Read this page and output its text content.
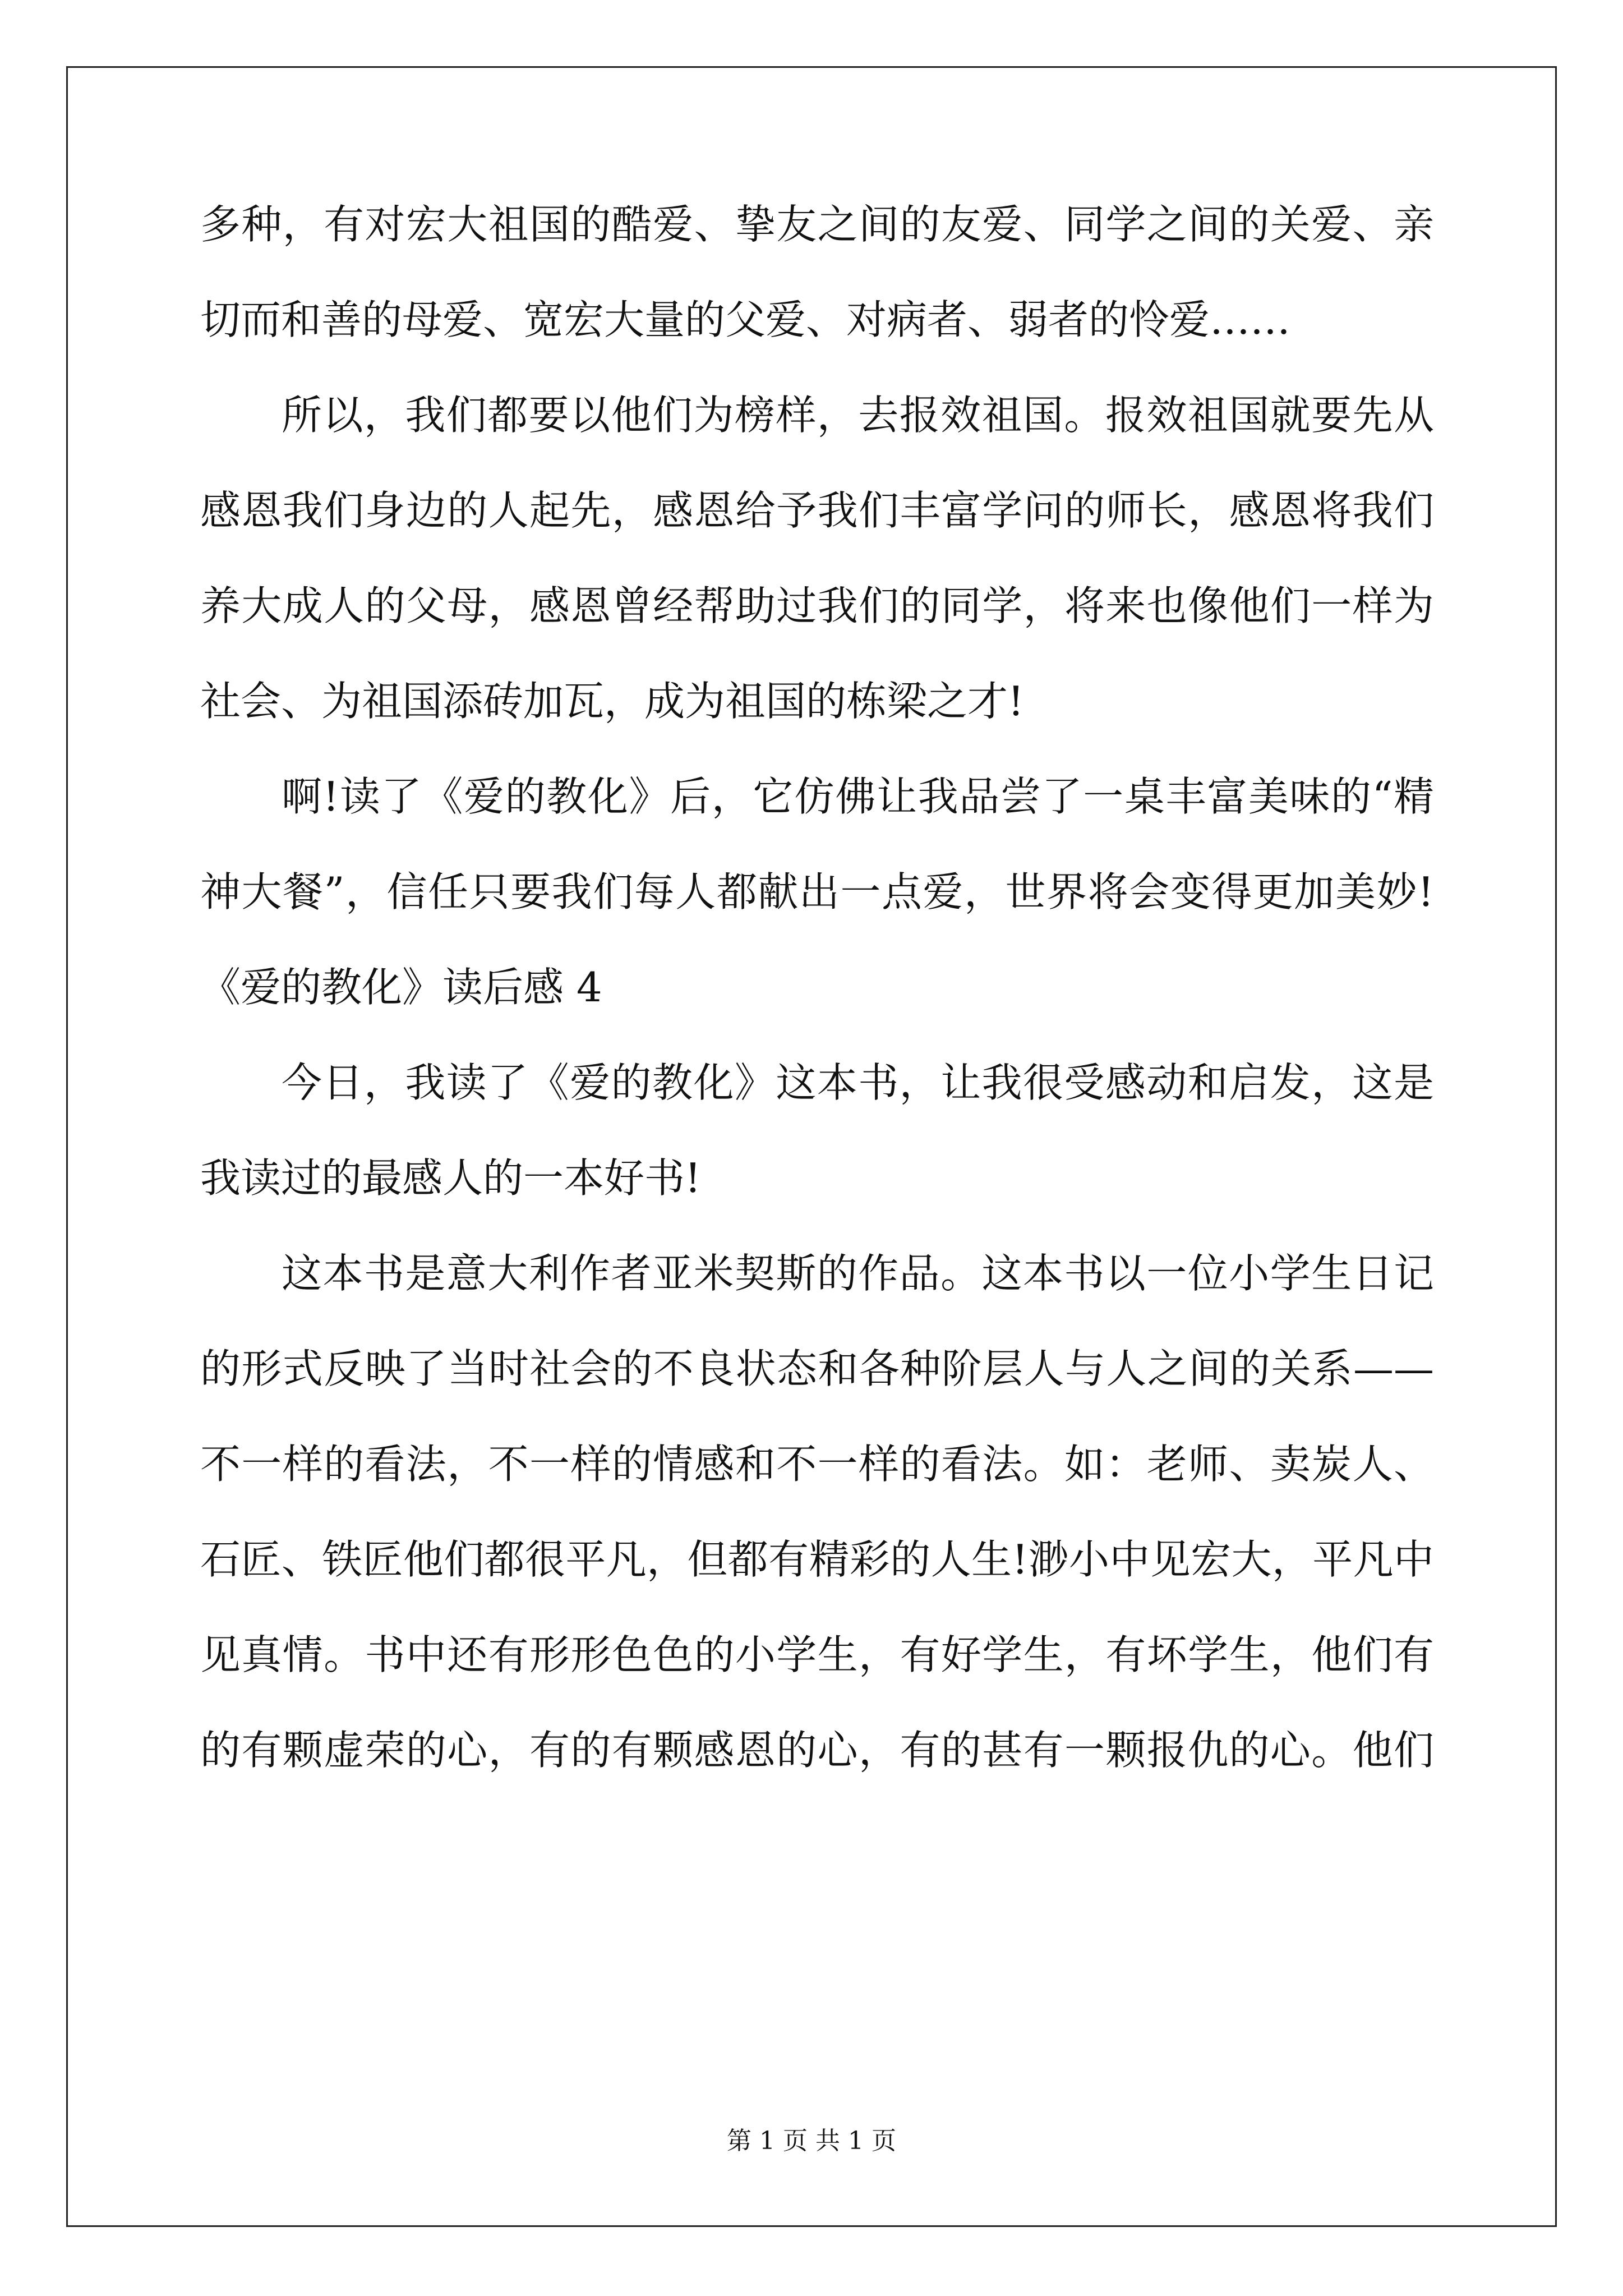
多种，有对宏大祖国的酷爱、挚友之间的友爱、同学之间的关爱、亲
切而和善的母爱、宽宏大量的父爱、对病者、弱者的怜爱……
所以，我们都要以他们为榜样，去报效祖国。报效祖国就要先从
感恩我们身边的人起先，感恩给予我们丰富学问的师长，感恩将我们
养大成人的父母，感恩曾经帮助过我们的同学，将来也像他们一样为
社会、为祖国添砖加瓦，成为祖国的栋梁之才!
啊!读了《爱的教化》后，它仿佛让我品尝了一桌丰富美味的“精
神大餐”，信任只要我们每人都献出一点爱，世界将会变得更加美妙!
《爱的教化》读后感 4
今日，我读了《爱的教化》这本书，让我很受感动和启发，这是
我读过的最感人的一本好书!
这本书是意大利作者亚米契斯的作品。这本书以一位小学生日记
的形式反映了当时社会的不良状态和各种阶层人与人之间的关系——
不一样的看法，不一样的情感和不一样的看法。如：老师、卖炭人、
石匠、铁匠他们都很平凡，但都有精彩的人生!渺小中见宏大，平凡中
见真情。书中还有形形色色的小学生，有好学生，有坏学生，他们有
的有颗虚荣的心，有的有颗感恩的心，有的甚有一颗报仇的心。他们
第 1 页 共 1 页
